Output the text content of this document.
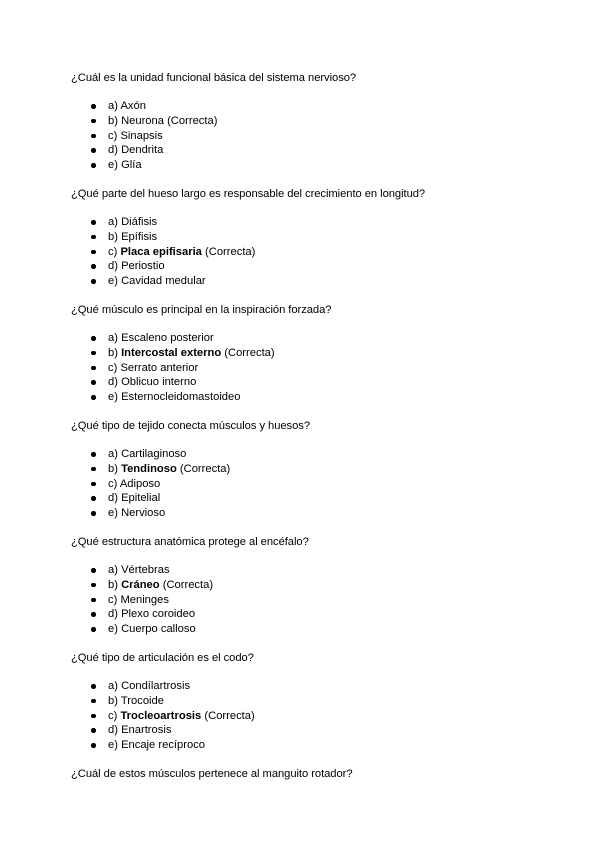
¿Cuál es la unidad funcional básica del sistema nervioso?

a) Axón
b) Neurona (Correcta)
c) Sinapsis
d) Dendrita
e) Glía

¿Qué parte del hueso largo es responsable del crecimiento en longitud?

a) Diáfisis
b) Epífisis
c) Placa epifisaria (Correcta)
d) Periostio
e) Cavidad medular

¿Qué músculo es principal en la inspiración forzada?

a) Escaleno posterior
b) Intercostal externo (Correcta)
c) Serrato anterior
d) Oblicuo interno
e) Esternocleidomastoideo

¿Qué tipo de tejido conecta músculos y huesos?

a) Cartilaginoso
b) Tendinoso (Correcta)
c) Adiposo
d) Epitelial
e) Nervioso

¿Qué estructura anatómica protege al encéfalo?

a) Vértebras
b) Cráneo (Correcta)
c) Meninges
d) Plexo coroideo
e) Cuerpo calloso

¿Qué tipo de articulación es el codo?

a) Condílartrosis
b) Trocoide
c) Trocleoartrosis (Correcta)
d) Enartrosis
e) Encaje recíproco

¿Cuál de estos músculos pertenece al manguito rotador?
